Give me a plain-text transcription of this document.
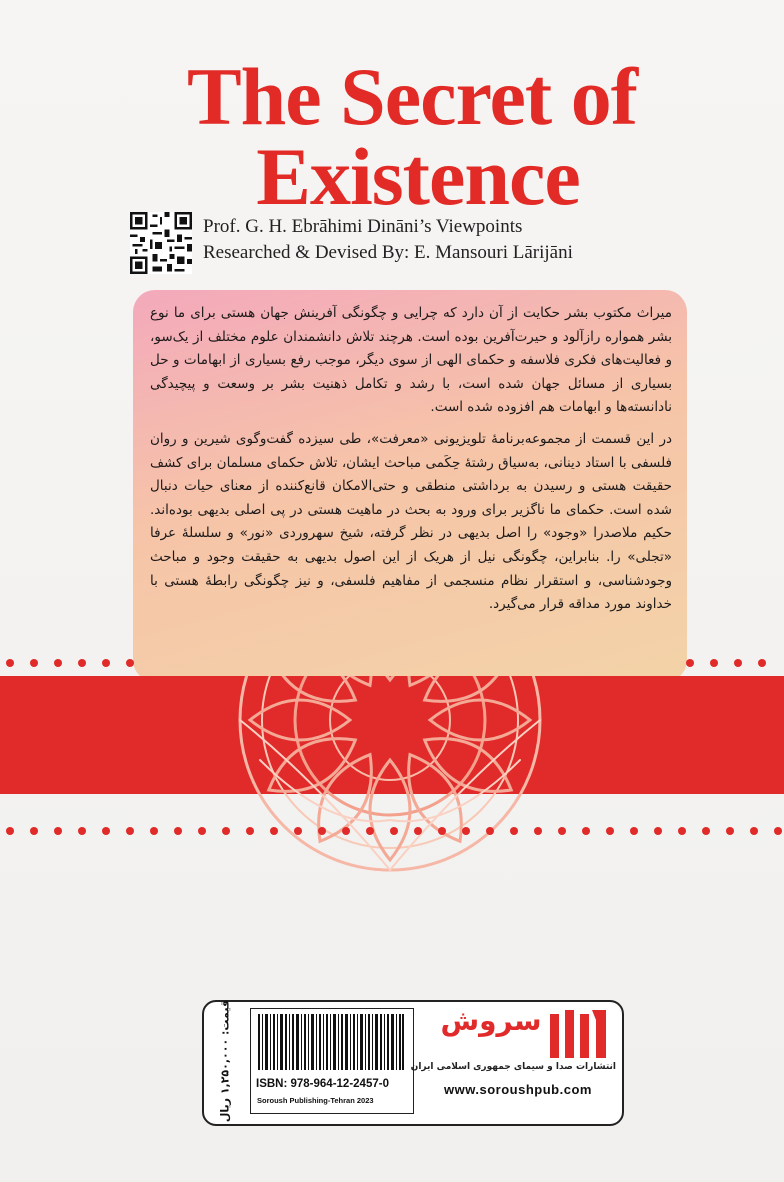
The Secret of
Existence
Prof. G. H. Ebrāhimi Dināni’s Viewpoints
Researched & Devised By: E. Mansouri Lārijāni

میراث مکتوب بشر حکایت از آن دارد که چرایی و چگونگی آفرینش جهان هستی برای ما نوع بشر همواره رازآلود و حیرت‌آفرین بوده است. هرچند تلاش دانشمندان علوم مختلف از یک‌سو، و فعالیت‌های فکری فلاسفه و حکمای الهی از سوی دیگر، موجب رفع بسیاری از ابهامات و حل بسیاری از مسائل جهان شده است، با رشد و تکامل ذهنیت بشر بر وسعت و پیچیدگی نادانسته‌ها و ابهامات هم افزوده شده است.

در این قسمت از مجموعه‌برنامهٔ تلویزیونی «معرفت»، طی سیزده گفت‌وگوی شیرین و روان فلسفی با استاد دینانی، به‌سیاق رشتهٔ حِکَمی مباحث ایشان، تلاش حکمای مسلمان برای کشف حقیقت هستی و رسیدن به برداشتی منطقی و حتی‌الامکان قانع‌کننده از معنای حیات دنبال شده است. حکمای ما ناگزیر برای ورود به بحث در ماهیت هستی در پی اصلی بدیهی بوده‌اند. حکیم ملاصدرا «وجود» را اصل بدیهی در نظر گرفته، شیخ سهروردی «نور» و سلسلهٔ عرفا «تجلی» را. بنابراین، چگونگی نیل از هریک از این اصول بدیهی به حقیقت وجود و مباحث وجودشناسی، و استقرار نظام منسجمی از مفاهیم فلسفی، و نیز چگونگی رابطهٔ هستی با خداوند مورد مداقه قرار می‌گیرد.

قیمت: ۱,۲۵۰,۰۰۰ ریال
ISBN: 978-964-12-2457-0
Soroush Publishing-Tehran 2023
سروش
انتشارات صدا و سیمای جمهوری اسلامی ایران
www.soroushpub.com
